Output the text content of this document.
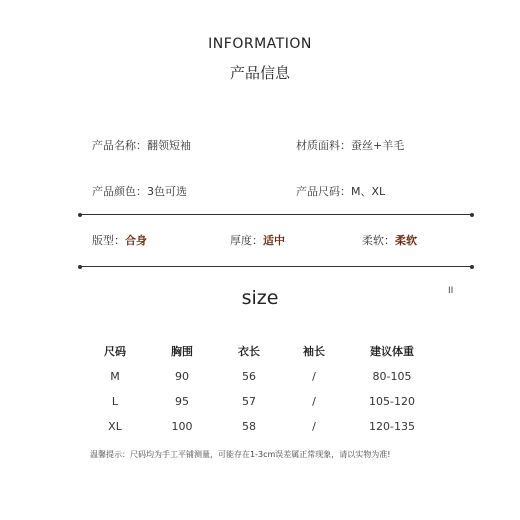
INFORMATION
产品信息
产品名称：翻领短袖	材质面料：蚕丝+羊毛
产品颜色：3色可选	产品尺码：M、XL
版型：合身	厚度：适中	柔软：柔软
size	II
尺码	胸围	衣长	袖长	建议体重
M	90	56	/	80-105
L	95	57	/	105-120
XL	100	58	/	120-135
温馨提示：尺码均为手工平铺测量，可能存在1-3cm误差属正常现象，请以实物为准!
